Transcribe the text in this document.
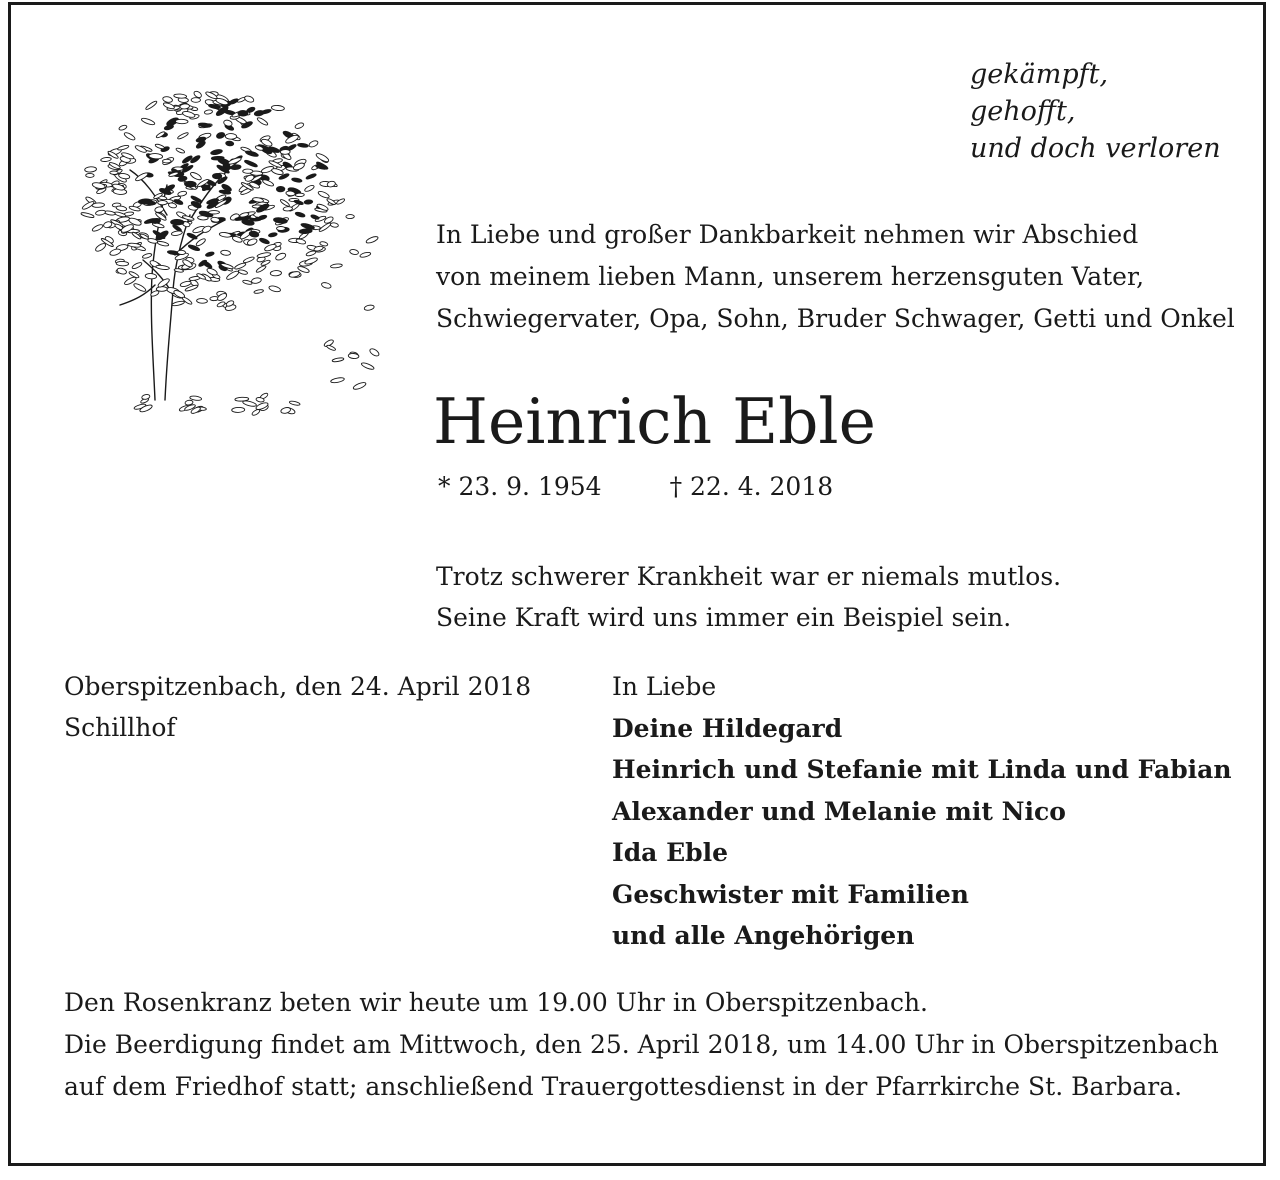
gekämpft,
gehofft,
und doch verloren
In Liebe und großer Dankbarkeit nehmen wir Abschied
von meinem lieben Mann, unserem herzensguten Vater,
Schwiegervater, Opa, Sohn, Bruder Schwager, Getti und Onkel
Heinrich Eble
* 23. 9. 1954	† 22. 4. 2018
Trotz schwerer Krankheit war er niemals mutlos.
Seine Kraft wird uns immer ein Beispiel sein.
Oberspitzenbach, den 24. April 2018
Schillhof
In Liebe
Deine Hildegard
Heinrich und Stefanie mit Linda und Fabian
Alexander und Melanie mit Nico
Ida Eble
Geschwister mit Familien
und alle Angehörigen
Den Rosenkranz beten wir heute um 19.00 Uhr in Oberspitzenbach.
Die Beerdigung findet am Mittwoch, den 25. April 2018, um 14.00 Uhr in Oberspitzenbach
auf dem Friedhof statt; anschließend Trauergottesdienst in der Pfarrkirche St. Barbara.
